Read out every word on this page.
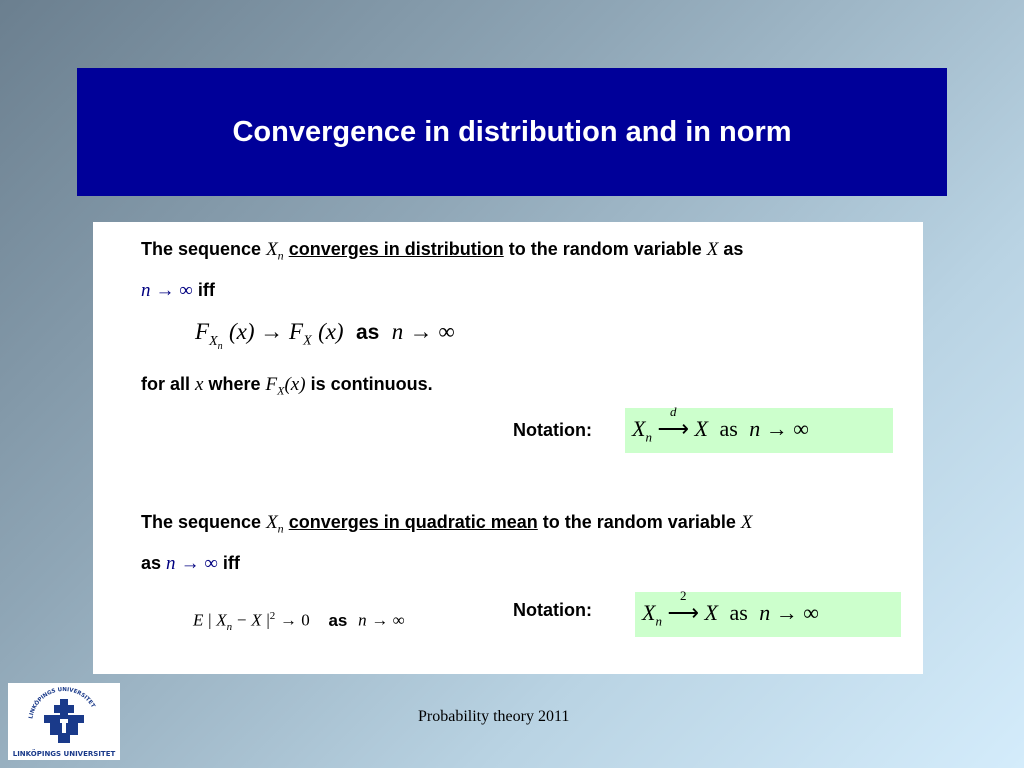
Convergence in distribution and in norm
The sequence $X_n$ converges in distribution to the random variable X as
n → ∞ iff
$F_{X_n}$ $(x) \to F_X$ (x) as n → ∞
for all x where $F_X(x)$ is continuous.
Notation: $X_n$
d
⟶ X as n → ∞
The sequence $X_n$ converges in quadratic mean to the random variable X
as n → ∞ iff
E | $X_n - X$ $|^2 \to 0$ as n → ∞
Notation: $X_n$
2
⟶ X as n → ∞
LINKÖPINGS UNIVERSITET
LINKÖPINGS UNIVERSITET
Probability theory 2011
